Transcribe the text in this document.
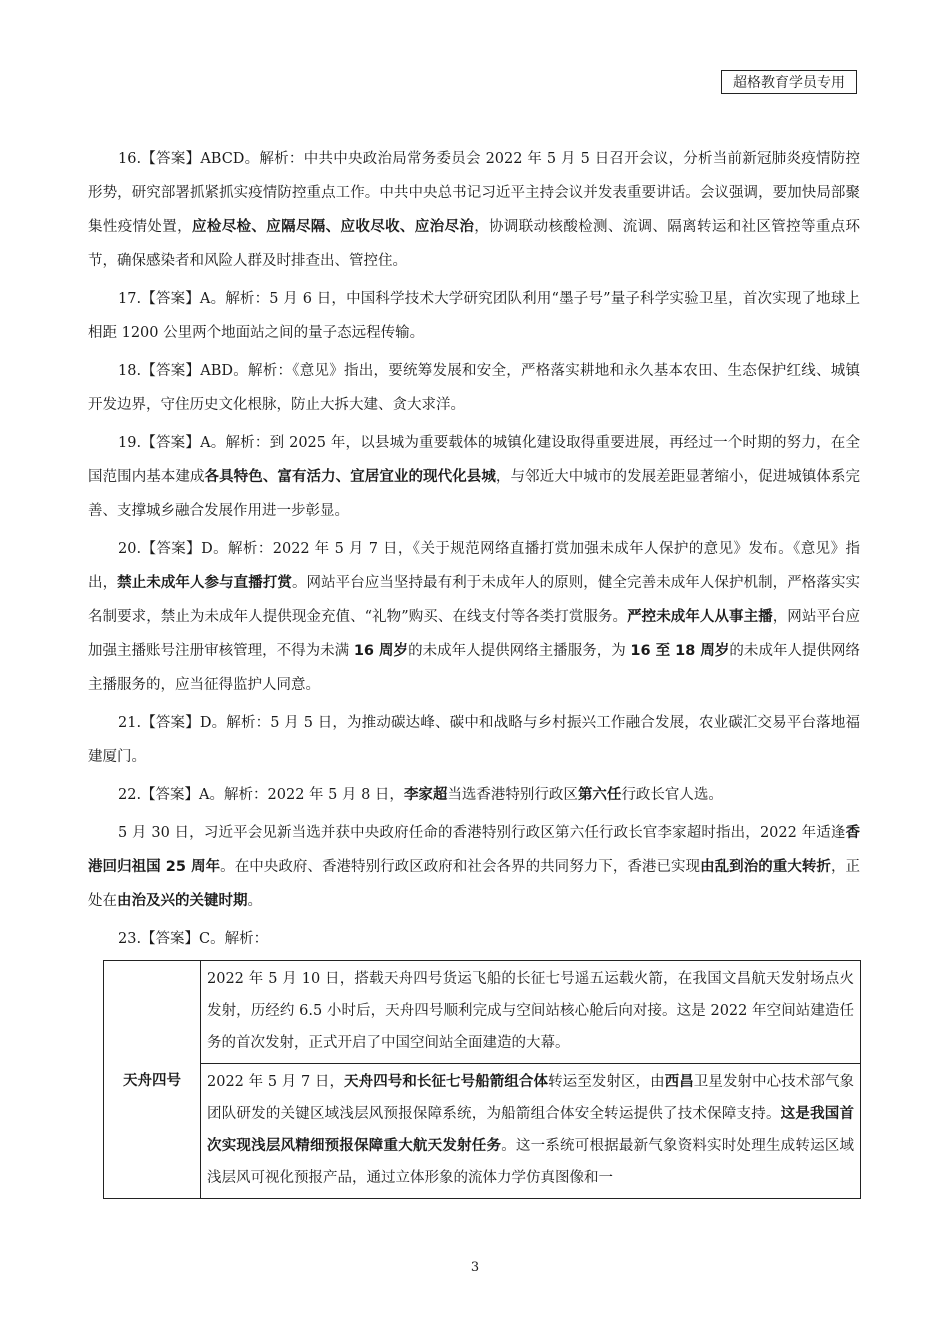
超格教育学员专用

16.【答案】ABCD。解析：中共中央政治局常务委员会 2022 年 5 月 5 日召开会议，分析当前新冠肺炎疫情防控形势，研究部署抓紧抓实疫情防控重点工作。中共中央总书记习近平主持会议并发表重要讲话。会议强调，要加快局部聚集性疫情处置，应检尽检、应隔尽隔、应收尽收、应治尽治，协调联动核酸检测、流调、隔离转运和社区管控等重点环节，确保感染者和风险人群及时排查出、管控住。

17.【答案】A。解析：5 月 6 日，中国科学技术大学研究团队利用“墨子号”量子科学实验卫星，首次实现了地球上相距 1200 公里两个地面站之间的量子态远程传输。

18.【答案】ABD。解析：《意见》指出，要统筹发展和安全，严格落实耕地和永久基本农田、生态保护红线、城镇开发边界，守住历史文化根脉，防止大拆大建、贪大求洋。

19.【答案】A。解析：到 2025 年，以县城为重要载体的城镇化建设取得重要进展，再经过一个时期的努力，在全国范围内基本建成各具特色、富有活力、宜居宜业的现代化县城，与邻近大中城市的发展差距显著缩小，促进城镇体系完善、支撑城乡融合发展作用进一步彰显。

20.【答案】D。解析：2022 年 5 月 7 日，《关于规范网络直播打赏加强未成年人保护的意见》发布。《意见》指出，禁止未成年人参与直播打赏。网站平台应当坚持最有利于未成年人的原则，健全完善未成年人保护机制，严格落实实名制要求，禁止为未成年人提供现金充值、“礼物”购买、在线支付等各类打赏服务。严控未成年人从事主播，网站平台应加强主播账号注册审核管理，不得为未满 16 周岁的未成年人提供网络主播服务，为 16 至 18 周岁的未成年人提供网络主播服务的，应当征得监护人同意。

21.【答案】D。解析：5 月 5 日，为推动碳达峰、碳中和战略与乡村振兴工作融合发展，农业碳汇交易平台落地福建厦门。

22.【答案】A。解析：2022 年 5 月 8 日，李家超当选香港特别行政区第六任行政长官人选。

5 月 30 日，习近平会见新当选并获中央政府任命的香港特别行政区第六任行政长官李家超时指出，2022 年适逢香港回归祖国 25 周年。在中央政府、香港特别行政区政府和社会各界的共同努力下，香港已实现由乱到治的重大转折，正处在由治及兴的关键时期。

23.【答案】C。解析：

天舟四号	2022 年 5 月 10 日，搭载天舟四号货运飞船的长征七号遥五运载火箭，在我国文昌航天发射场点火发射，历经约 6.5 小时后，天舟四号顺利完成与空间站核心舱后向对接。这是 2022 年空间站建造任务的首次发射，正式开启了中国空间站全面建造的大幕。
2022 年 5 月 7 日，天舟四号和长征七号船箭组合体转运至发射区，由西昌卫星发射中心技术部气象团队研发的关键区域浅层风预报保障系统，为船箭组合体安全转运提供了技术保障支持。这是我国首次实现浅层风精细预报保障重大航天发射任务。这一系统可根据最新气象资料实时处理生成转运区域浅层风可视化预报产品，通过立体形象的流体力学仿真图像和一
3
